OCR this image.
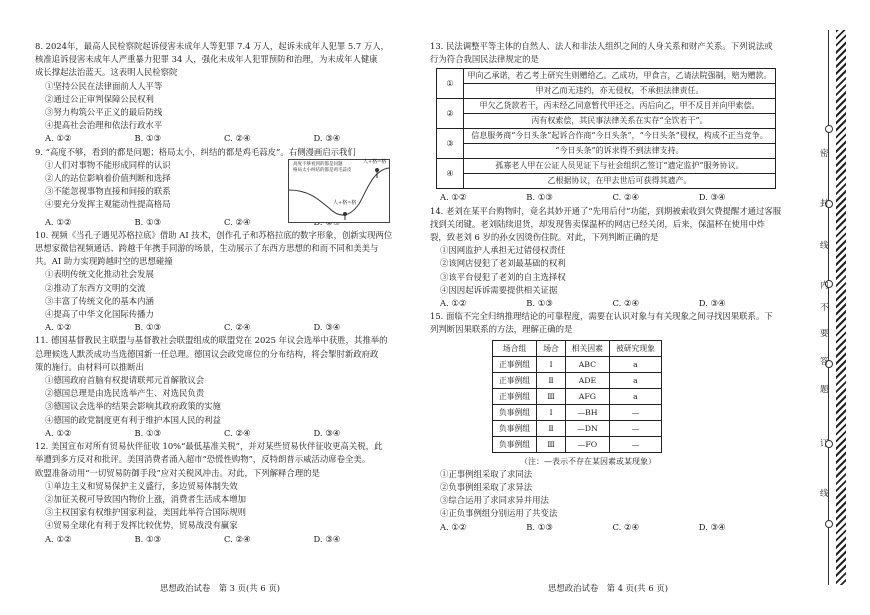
8. 2024年，最高人民检察院起诉侵害未成年人等犯罪 7.4 万人，起诉未成年人犯罪 5.7 万人，

核准追诉侵害未成年人严重暴力犯罪 34 人，强化未成年人犯罪预防和治理，为未成年人健康

成长撑起法治蓝天。这表明人民检察院

①坚持公民在法律面前人人平等

②通过公正审判保障公民权利

③努力构筑公平正义的最后防线

④提高社会治理和依法行政水平

A. ①②	B. ①③	C. ②④	D. ③④

9. “高度不够，看到的都是问题；格局太小，纠结的都是鸡毛蒜皮”。右侧漫画启示我们

①人们对事物不能形成同样的认识

②人的站位影响着价值判断和选择

③不能忽视事物直接和间接的联系

④要充分发挥主观能动性提高格局

A. ①②	B. ①③	C. ②④
高度不够看到的都是问题
格局太小纠结的都是鸡毛蒜皮
人+格=格
人+格=格

10. 视频《当孔子遇见苏格拉底》借助 AI 技术，创作孔子和苏格拉底的数字形象，创新实现两位

思想家微信视频通话、跨越千年携手同游的场景，生动展示了东西方思想的和而不同和美美与

共。AI 助力实现跨越时空的思想碰撞

①表明传统文化推动社会发展

②推动了东西方文明的交流

③丰富了传统文化的基本内涵

④提高了中华文化国际传播力

A. ①②	B. ①③	C. ②④	D. ③④

11. 德国基督教民主联盟与基督教社会联盟组成的联盟党在 2025 年议会选举中获胜，其推举的

总理候选人默茨成功当选德国新一任总理。德国议会政党席位的分布结构，将会掣肘新政府政

策的施行。由材料可以推断出

①德国政府首脑有权提请联邦元首解散议会

②德国总理是由选民选举产生、对选民负责

③德国议会选举的结果会影响其政府政策的实施

④德国的政党制度更有利于维护本国人民的利益

A. ①②	B. ①③	C. ②④	D. ③④

12. 美国宣布对所有贸易伙伴征收 10%“最低基准关税”，并对某些贸易伙伴征收更高关税，此

举遭到多方反对和批评。美国消费者涌入超市“恐慌性购物”，反特朗普示威活动席卷全美。

欧盟准备动用“一切贸易防御手段”应对关税风冲击。对此，下列解释合理的是

①单边主义和贸易保护主义盛行，多边贸易体制失效

②加征关税可导致国内物价上涨，消费者生活成本增加

③主权国家有权维护国家利益，美国此举符合国际规则

④贸易全球化有利于发挥比较优势，贸易战没有赢家

A. ①②	B. ①③	C. ②④	D. ③④
思想政治试卷　第 3 页(共 6 页)

13. 民法调整平等主体的自然人、法人和非法人组织之间的人身关系和财产关系。下列说法或

行为符合我国民法律规定的是

①	甲向乙承诺，若乙考上研究生则赠给乙。乙成功，甲食言，乙请法院强制，赔为赠款。
	甲对乙而无违约，亦无侵权，不承担法律责任。
②	甲欠乙货款若干，丙未经乙同意暂代甲还之。丙后向乙，甲不反目并向甲索偿。
	丙有权索偿，其民事法律关系在实存“全饮若干”。
③	信息服务商“今日头条”起诉合作商“今日头条”，“今日头条”侵权，构成不正当竞争。
	“今日头条”的诉求得不到法律支持。
④	孤寡老人甲在公证人员见证下与社会组织乙签订“遗定监护”服务协议。
	乙根据协议，在甲去世后可获得其遗产。
A. ①②	B. ①③	C. ②④	D. ③④

14. 老刘在某平台购物时，竟名其妙开通了“先用后付”功能，到期被索收到欠费提醒才通过客服

找到关闭键。老刘陆续退货，却发现售卖保温杯的网店已经关闭，后来，保温杯在使用中炸

裂，致老刘 6 岁的孙女因烫伤住院。对此，下列判断正确的是

①因网监护人承担无过错侵权责任

②该网店侵犯了老刘最基础的权利

③该平台侵犯了老刘的自主选择权

④因因起诉诉需要提供相关证据

A. ①②	B. ①③	C. ②④	D. ③④

15. 面临不完全归纳推理结论的可靠程度，需要在认识对象与有关现象之间寻找因果联系。下

列判断因果联系的方法，理解正确的是

场合组	场合	相关因素	被研究现象
正事例组	Ⅰ	ABC	a
正事例组	Ⅱ	ADE	a
正事例组	Ⅲ	AFG	a
负事例组	Ⅰ	—BH	—
负事例组	Ⅱ	—DN	—
负事例组	Ⅲ	—FO	—

（注：—表示不存在某因素或某现象）

①正事例组采取了求同法

②负事例组采取了求异法

③综合运用了求同求异并用法

④正负事例组分别运用了共变法

A. ①②	B. ①③	C. ②④	D. ③④
思想政治试卷　第 4 页(共 6 页)
密
封
线
内
不
要
答
题
订
线
